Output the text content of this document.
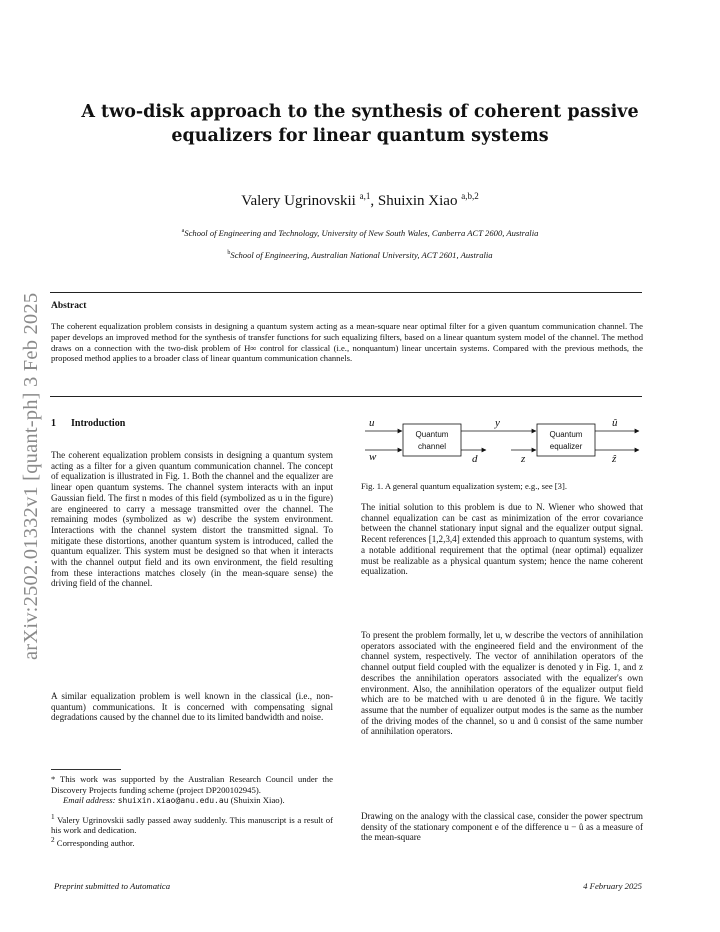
arXiv:2502.01332v1 [quant-ph] 3 Feb 2025
A two-disk approach to the synthesis of coherent passive
equalizers for linear quantum systems
Valery Ugrinovskii $^{a,1}$, Shuixin Xiao $^{a,b,2}$
$^a$School of Engineering and Technology, University of New South Wales, Canberra ACT 2600, Australia
$^b$School of Engineering, Australian National University, ACT 2601, Australia
Abstract
The coherent equalization problem consists in designing a quantum system acting as a mean-square near optimal filter for a given quantum communication channel. The paper develops an improved method for the synthesis of transfer functions for such equalizing filters, based on a linear quantum system model of the channel. The method draws on a connection with the two-disk problem of H∞ control for classical (i.e., nonquantum) linear uncertain systems. Compared with the previous methods, the proposed method applies to a broader class of linear quantum communication channels.
1 Introduction

The coherent equalization problem consists in designing a quantum system acting as a filter for a given quantum communication channel. The concept of equalization is illustrated in Fig. 1. Both the channel and the equalizer are linear open quantum systems. The channel system interacts with an input Gaussian field. The first n modes of this field (symbolized as u in the figure) are engineered to carry a message transmitted over the channel. The remaining modes (symbolized as w) describe the system environment. Interactions with the channel system distort the transmitted signal. To mitigate these distortions, another quantum system is introduced, called the quantum equalizer. This system must be designed so that when it interacts with the channel output field and its own environment, the field resulting from these interactions matches closely (in the mean-square sense) the driving field of the channel.

A similar equalization problem is well known in the classical (i.e., non-quantum) communications. It is concerned with compensating signal degradations caused by the channel due to its limited bandwidth and noise.

* This work was supported by the Australian Research Council under the Discovery Projects funding scheme (project DP200102945).
Email address: shuixin.xiao@anu.edu.au (Shuixin Xiao).
$^1$ Valery Ugrinovskii sadly passed away suddenly. This manuscript is a result of his work and dedication.
$^2$ Corresponding author.
u
w
y
d	z
û
ẑ
Quantum
channel
Quantum
equalizer
Fig. 1. A general quantum equalization system; e.g., see [3].

The initial solution to this problem is due to N. Wiener who showed that channel equalization can be cast as minimization of the error covariance between the channel stationary input signal and the equalizer output signal. Recent references [1,2,3,4] extended this approach to quantum systems, with a notable additional requirement that the optimal (near optimal) equalizer must be realizable as a physical quantum system; hence the name coherent equalization.

To present the problem formally, let u, w describe the vectors of annihilation operators associated with the engineered field and the environment of the channel system, respectively. The vector of annihilation operators of the channel output field coupled with the equalizer is denoted y in Fig. 1, and z describes the annihilation operators associated with the equalizer's own environment. Also, the annihilation operators of the equalizer output field which are to be matched with u are denoted û in the figure. We tacitly assume that the number of equalizer output modes is the same as the number of the driving modes of the channel, so u and û consist of the same number of annihilation operators.

Drawing on the analogy with the classical case, consider the power spectrum density of the stationary component e of the difference u − û as a measure of the mean-square

Preprint submitted to Automatica	4 February 2025
